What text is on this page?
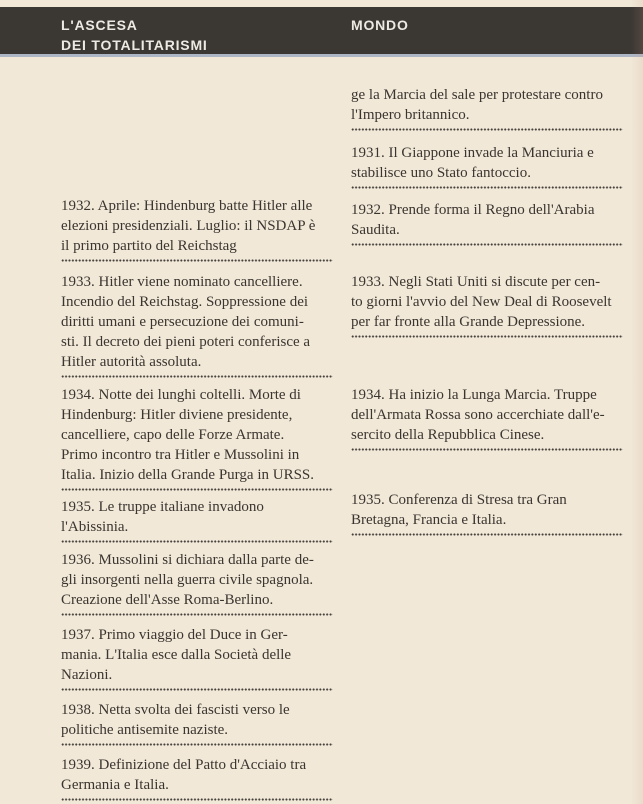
L'ASCESA
DEI TOTALITARISMI
MONDO

1932. Aprile: Hindenburg batte Hitler alle
elezioni presidenziali. Luglio: il NSDAP è
il primo partito del Reichstag

1933. Hitler viene nominato cancelliere.
Incendio del Reichstag. Soppressione dei
diritti umani e persecuzione dei comuni-
sti. Il decreto dei pieni poteri conferisce a
Hitler autorità assoluta.

1934. Notte dei lunghi coltelli. Morte di
Hindenburg: Hitler diviene presidente,
cancelliere, capo delle Forze Armate.
Primo incontro tra Hitler e Mussolini in
Italia. Inizio della Grande Purga in URSS.

1935. Le truppe italiane invadono
l'Abissinia.

1936. Mussolini si dichiara dalla parte de-
gli insorgenti nella guerra civile spagnola.
Creazione dell'Asse Roma-Berlino.

1937. Primo viaggio del Duce in Ger-
mania. L'Italia esce dalla Società delle
Nazioni.

1938. Netta svolta dei fascisti verso le
politiche antisemite naziste.

1939. Definizione del Patto d'Acciaio tra
Germania e Italia.

ge la Marcia del sale per protestare contro
l'Impero britannico.

1931. Il Giappone invade la Manciuria e
stabilisce uno Stato fantoccio.

1932. Prende forma il Regno dell'Arabia
Saudita.

1933. Negli Stati Uniti si discute per cen-
to giorni l'avvio del New Deal di Roosevelt
per far fronte alla Grande Depressione.

1934. Ha inizio la Lunga Marcia. Truppe
dell'Armata Rossa sono accerchiate dall'e-
sercito della Repubblica Cinese.

1935. Conferenza di Stresa tra Gran
Bretagna, Francia e Italia.
